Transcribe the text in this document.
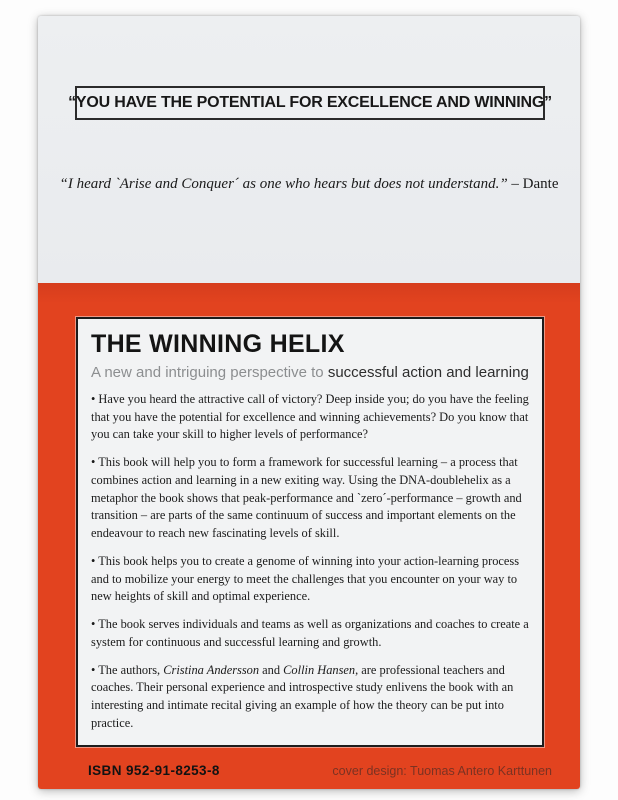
“YOU HAVE THE POTENTIAL FOR EXCELLENCE AND WINNING”
“I heard `Arise and Conquer´ as one who hears but does not understand.” – Dante
THE WINNING HELIX
A new and intriguing perspective to successful action and learning

• Have you heard the attractive call of victory? Deep inside you; do you have the feeling that you have the potential for excellence and winning achievements? Do you know that you can take your skill to higher levels of performance?

• This book will help you to form a framework for successful learning – a process that combines action and learning in a new exiting way. Using the DNA-doublehelix as a metaphor the book shows that peak-performance and `zero´-performance – growth and transition – are parts of the same continuum of success and important elements on the endeavour to reach new fascinating levels of skill.

• This book helps you to create a genome of winning into your action-learning process and to mobilize your energy to meet the challenges that you encounter on your way to new heights of skill and optimal experience.

• The book serves individuals and teams as well as organizations and coaches to create a system for continuous and successful learning and growth.

• The authors, Cristina Andersson and Collin Hansen, are professional teachers and coaches. Their personal experience and introspective study enlivens the book with an interesting and intimate recital giving an example of how the theory can be put into practice.

ISBN 952-91-8253-8	cover design: Tuomas Antero Karttunen
